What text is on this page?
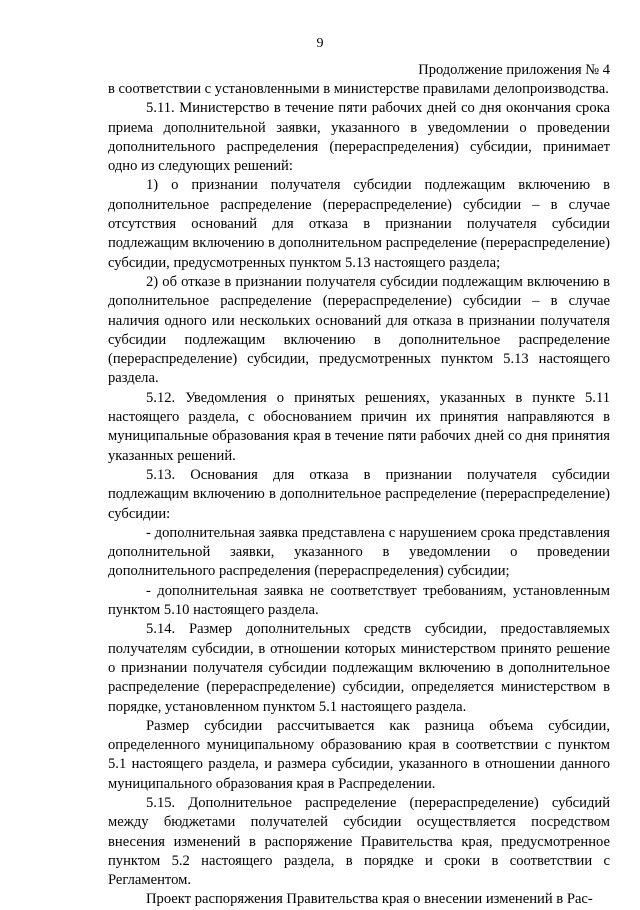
9
Продолжение приложения № 4

в соответствии с установленными в министерстве правилами делопроизводства.

5.11. Министерство в течение пяти рабочих дней со дня окончания срока приема дополнительной заявки, указанного в уведомлении о проведении дополнительного распределения (перераспределения) субсидии, принимает одно из следующих решений:

1) о признании получателя субсидии подлежащим включению в дополнительное распределение (перераспределение) субсидии – в случае отсутствия оснований для отказа в признании получателя субсидии подлежащим включению в дополнительном распределение (перераспределение) субсидии, предусмотренных пунктом 5.13 настоящего раздела;

2) об отказе в признании получателя субсидии подлежащим включению в дополнительное распределение (перераспределение) субсидии – в случае наличия одного или нескольких оснований для отказа в признании получателя субсидии подлежащим включению в дополнительное распределение (перераспределение) субсидии, предусмотренных пунктом 5.13 настоящего раздела.

5.12. Уведомления о принятых решениях, указанных в пункте 5.11 настоящего раздела, с обоснованием причин их принятия направляются в муниципальные образования края в течение пяти рабочих дней со дня принятия указанных решений.

5.13. Основания для отказа в признании получателя субсидии подлежащим включению в дополнительное распределение (перераспределение) субсидии:

- дополнительная заявка представлена с нарушением срока представления дополнительной заявки, указанного в уведомлении о проведении дополнительного распределения (перераспределения) субсидии;

- дополнительная заявка не соответствует требованиям, установленным пунктом 5.10 настоящего раздела.

5.14. Размер дополнительных средств субсидии, предоставляемых получателям субсидии, в отношении которых министерством принято решение о признании получателя субсидии подлежащим включению в дополнительное распределение (перераспределение) субсидии, определяется министерством в порядке, установленном пунктом 5.1 настоящего раздела.

Размер субсидии рассчитывается как разница объема субсидии, определенного муниципальному образованию края в соответствии с пунктом 5.1 настоящего раздела, и размера субсидии, указанного в отношении данного муниципального образования края в Распределении.

5.15. Дополнительное распределение (перераспределение) субсидий между бюджетами получателей субсидии осуществляется посредством внесения изменений в распоряжение Правительства края, предусмотренное пунктом 5.2 настоящего раздела, в порядке и сроки в соответствии с Регламентом.

Проект распоряжения Правительства края о внесении изменений в Рас-
